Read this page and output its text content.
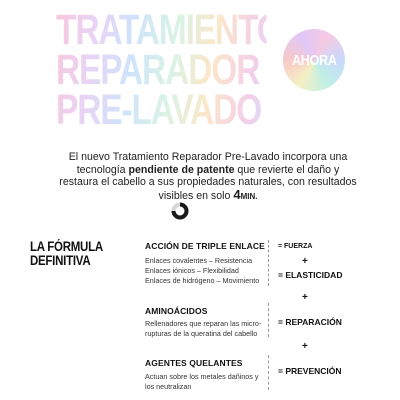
TRATAMIENTO
REPARADOR
PRE-LAVADO
AHORA
El nuevo Tratamiento Reparador Pre-Lavado incorpora una tecnología pendiente de patente que revierte el daño y restaura el cabello a sus propiedades naturales, con resultados visibles en solo 4MIN.
LA FÓRMULA
DEFINITIVA
ACCIÓN DE TRIPLE ENLACE
Enlaces covalentes – Resistencia
Enlaces iónicos – Flexibilidad
Enlaces de hidrógeno – Movimiento
AMINOÁCIDOS
Rellenadores que reparan las micro-
rupturas de la queratina del cabello
AGENTES QUELANTES
Actuan sobre los metales dañinos y
los neutralizan
= FUERZA
+
= ELASTICIDAD
+
= REPARACIÓN
+
= PREVENCIÓN
